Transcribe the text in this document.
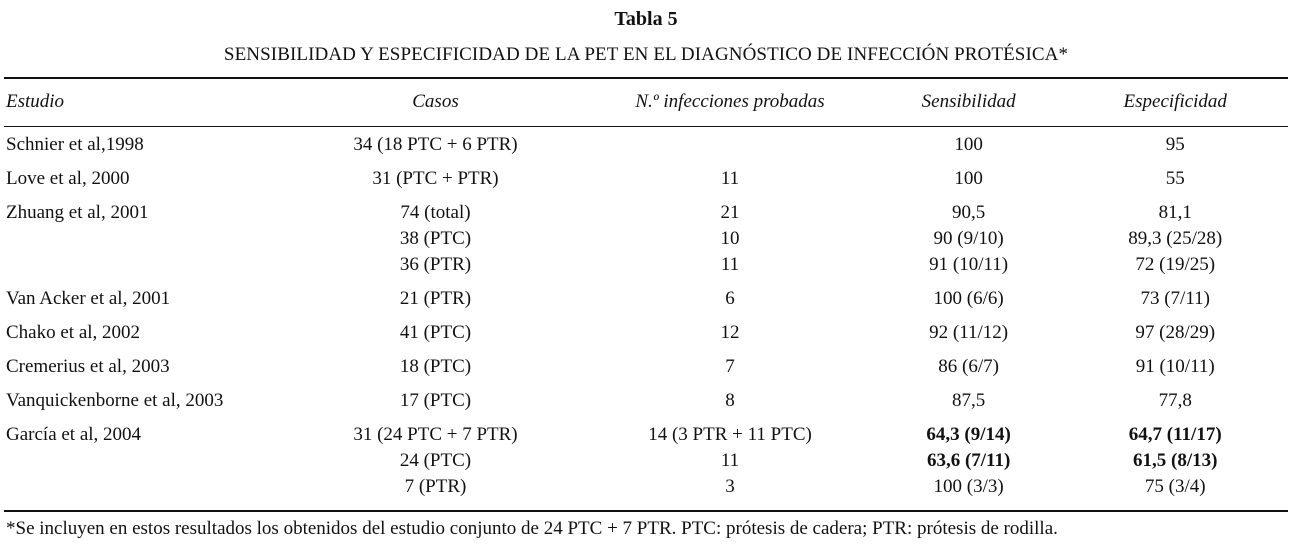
Tabla 5
SENSIBILIDAD Y ESPECIFICIDAD DE LA PET EN EL DIAGNÓSTICO DE INFECCIÓN PROTÉSICA*
Estudio	Casos	N.º infecciones probadas	Sensibilidad	Especificidad
Schnier et al,1998	34 (18 PTC + 6 PTR)		100	95
Love et al, 2000	31 (PTC + PTR)	11	100	55
Zhuang et al, 2001	74 (total)	21	90,5	81,1
	38 (PTC)	10	90 (9/10)	89,3 (25/28)
	36 (PTR)	11	91 (10/11)	72 (19/25)
Van Acker et al, 2001	21 (PTR)	6	100 (6/6)	73 (7/11)
Chako et al, 2002	41 (PTC)	12	92 (11/12)	97 (28/29)
Cremerius et al, 2003	18 (PTC)	7	86 (6/7)	91 (10/11)
Vanquickenborne et al, 2003	17 (PTC)	8	87,5	77,8
García et al, 2004	31 (24 PTC + 7 PTR)	14 (3 PTR + 11 PTC)	64,3 (9/14)	64,7 (11/17)
	24 (PTC)	11	63,6 (7/11)	61,5 (8/13)
	7 (PTR)	3	100 (3/3)	75 (3/4)
*Se incluyen en estos resultados los obtenidos del estudio conjunto de 24 PTC + 7 PTR. PTC: prótesis de cadera; PTR: prótesis de rodilla.
